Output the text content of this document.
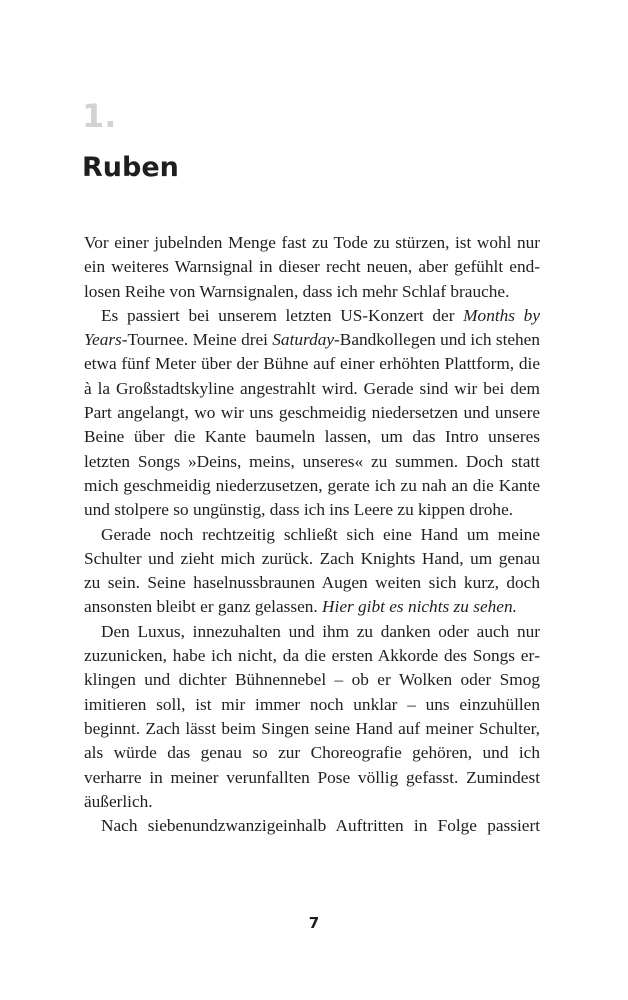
1.
Ruben

Vor einer jubelnden Menge fast zu Tode zu stürzen, ist wohl nur ein weiteres Warnsignal in dieser recht neuen, aber gefühlt endlosen Reihe von Warnsignalen, dass ich mehr Schlaf brauche.

Es passiert bei unserem letzten US-Konzert der Months by Years-Tournee. Meine drei Saturday-Bandkollegen und ich stehen etwa fünf Meter über der Bühne auf einer erhöhten Plattform, die à la Großstadtskyline angestrahlt wird. Gerade sind wir bei dem Part angelangt, wo wir uns geschmeidig niedersetzen und unsere Beine über die Kante baumeln lassen, um das Intro unseres letzten Songs »Deins, meins, unseres« zu summen. Doch statt mich geschmeidig niederzusetzen, gerate ich zu nah an die Kante und stolpere so ungünstig, dass ich ins Leere zu kippen drohe.

Gerade noch rechtzeitig schließt sich eine Hand um meine Schulter und zieht mich zurück. Zach Knights Hand, um genau zu sein. Seine haselnussbraunen Augen weiten sich kurz, doch ansonsten bleibt er ganz gelassen. Hier gibt es nichts zu sehen.

Den Luxus, innezuhalten und ihm zu danken oder auch nur zuzunicken, habe ich nicht, da die ersten Akkorde des Songs erklingen und dichter Bühnennebel – ob er Wolken oder Smog imitieren soll, ist mir immer noch unklar – uns einzuhüllen beginnt. Zach lässt beim Singen seine Hand auf meiner Schulter, als würde das genau so zur Choreografie gehören, und ich verharre in meiner verunfallten Pose völlig gefasst. Zumindest äußerlich.

Nach siebenundzwanzigeinhalb Auftritten in Folge passiert

7
